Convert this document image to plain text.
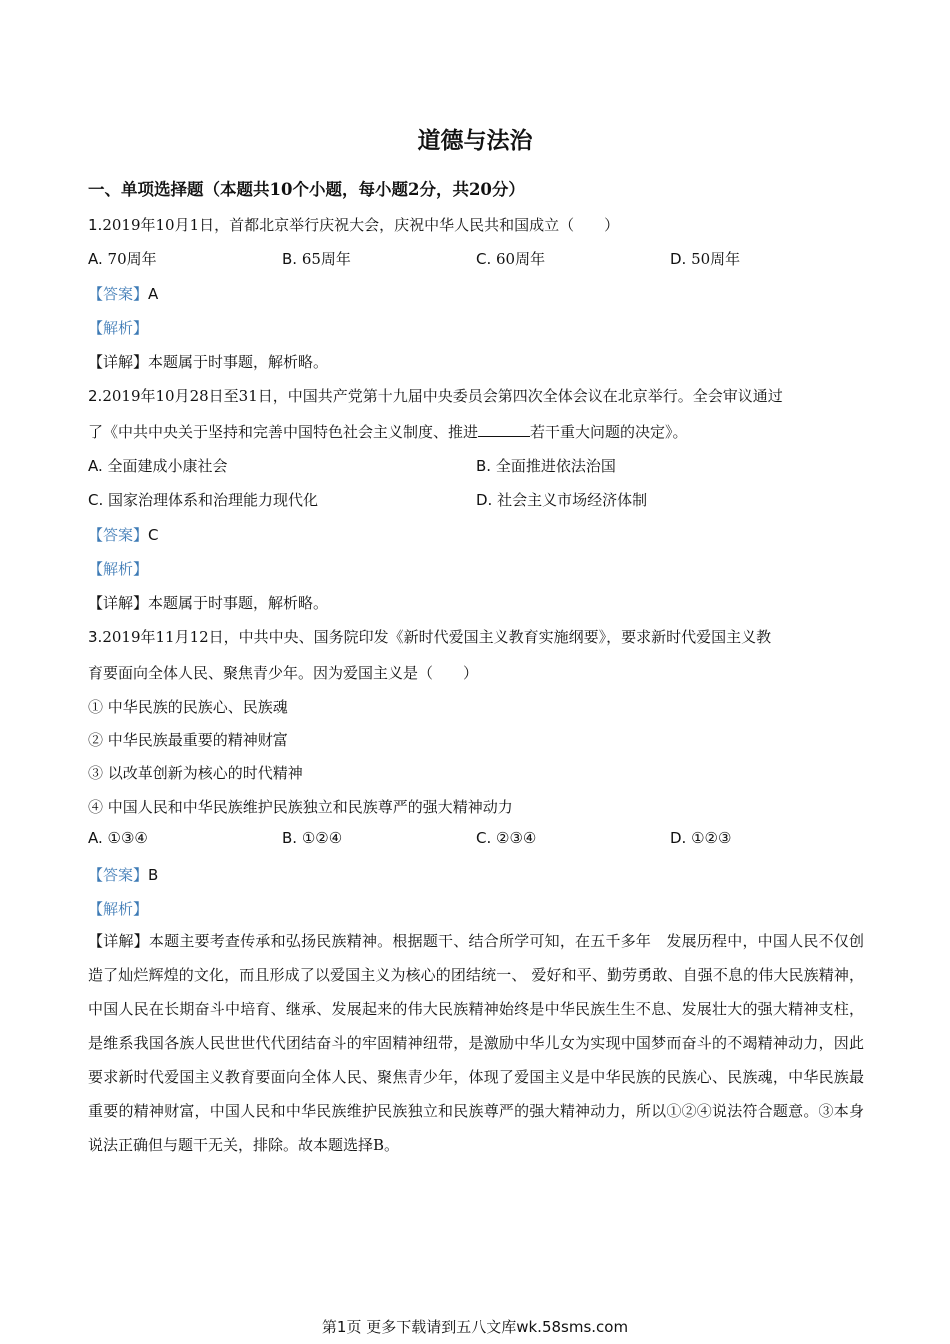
道德与法治
一、单项选择题（本题共10个小题，每小题2分，共20分）
1.2019年10月1日，首都北京举行庆祝大会，庆祝中华人民共和国成立（　　）
A. 70周年	B. 65周年	C. 60周年	D. 50周年
【答案】A
【解析】
【详解】本题属于时事题，解析略。
2.2019年10月28日至31日，中国共产党第十九届中央委员会第四次全体会议在北京举行。全会审议通过
了《中共中央关于坚持和完善中国特色社会主义制度、推进	若干重大问题的决定》。
A. 全面建成小康社会	B. 全面推进依法治国
C. 国家治理体系和治理能力现代化	D. 社会主义市场经济体制
【答案】C
【解析】
【详解】本题属于时事题，解析略。
3.2019年11月12日，中共中央、国务院印发《新时代爱国主义教育实施纲要》，要求新时代爱国主义教
育要面向全体人民、聚焦青少年。因为爱国主义是（　　）
① 中华民族的民族心、民族魂
② 中华民族最重要的精神财富
③ 以改革创新为核心的时代精神
④ 中国人民和中华民族维护民族独立和民族尊严的强大精神动力
A. ①③④	B. ①②④	C. ②③④	D. ①②③
【答案】B
【解析】
【详解】本题主要考查传承和弘扬民族精神。根据题干、结合所学可知，在五千多年　发展历程中，中国人民不仅创造了灿烂辉煌的文化，而且形成了以爱国主义为核心的团结统一、 爱好和平、勤劳勇敢、自强不息的伟大民族精神，中国人民在长期奋斗中培育、继承、发展起来的伟大民族精神始终是中华民族生生不息、发展壮大的强大精神支柱，是维系我国各族人民世世代代团结奋斗的牢固精神纽带，是激励中华儿女为实现中国梦而奋斗的不竭精神动力，因此要求新时代爱国主义教育要面向全体人民、聚焦青少年，体现了爱国主义是中华民族的民族心、民族魂，中华民族最重要的精神财富，中国人民和中华民族维护民族独立和民族尊严的强大精神动力，所以①②④说法符合题意。③本身说法正确但与题干无关，排除。故本题选择B。
第1页 更多下载请到五八文库wk.58sms.com
